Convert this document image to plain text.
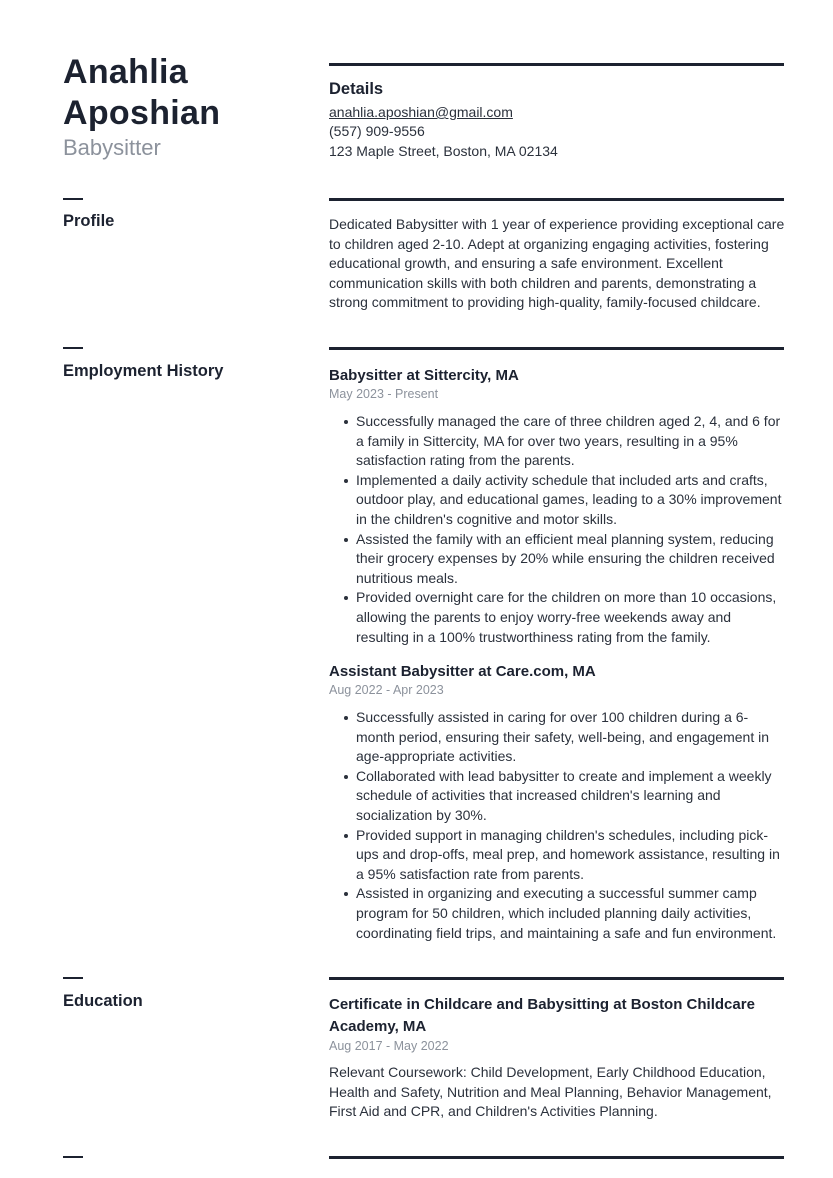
Anahlia
Aposhian
Babysitter
Details
anahlia.aposhian@gmail.com
(557) 909-9556
123 Maple Street, Boston, MA 02134
Profile	Dedicated Babysitter with 1 year of experience providing exceptional care to children aged 2-10. Adept at organizing engaging activities, fostering educational growth, and ensuring a safe environment. Excellent communication skills with both children and parents, demonstrating a strong commitment to providing high-quality, family-focused childcare.
Employment History	Babysitter at Sittercity, MA
May 2023 - Present
Successfully managed the care of three children aged 2, 4, and 6 for a family in Sittercity, MA for over two years, resulting in a 95% satisfaction rating from the parents.
Implemented a daily activity schedule that included arts and crafts, outdoor play, and educational games, leading to a 30% improvement in the children's cognitive and motor skills.
Assisted the family with an efficient meal planning system, reducing their grocery expenses by 20% while ensuring the children received nutritious meals.
Provided overnight care for the children on more than 10 occasions, allowing the parents to enjoy worry-free weekends away and resulting in a 100% trustworthiness rating from the family.
Assistant Babysitter at Care.com, MA
Aug 2022 - Apr 2023
Successfully assisted in caring for over 100 children during a 6-month period, ensuring their safety, well-being, and engagement in age-appropriate activities.
Collaborated with lead babysitter to create and implement a weekly schedule of activities that increased children's learning and socialization by 30%.
Provided support in managing children's schedules, including pick-ups and drop-offs, meal prep, and homework assistance, resulting in a 95% satisfaction rate from parents.
Assisted in organizing and executing a successful summer camp program for 50 children, which included planning daily activities, coordinating field trips, and maintaining a safe and fun environment.
Education	Certificate in Childcare and Babysitting at Boston Childcare Academy, MA
Aug 2017 - May 2022
Relevant Coursework: Child Development, Early Childhood Education, Health and Safety, Nutrition and Meal Planning, Behavior Management, First Aid and CPR, and Children's Activities Planning.
